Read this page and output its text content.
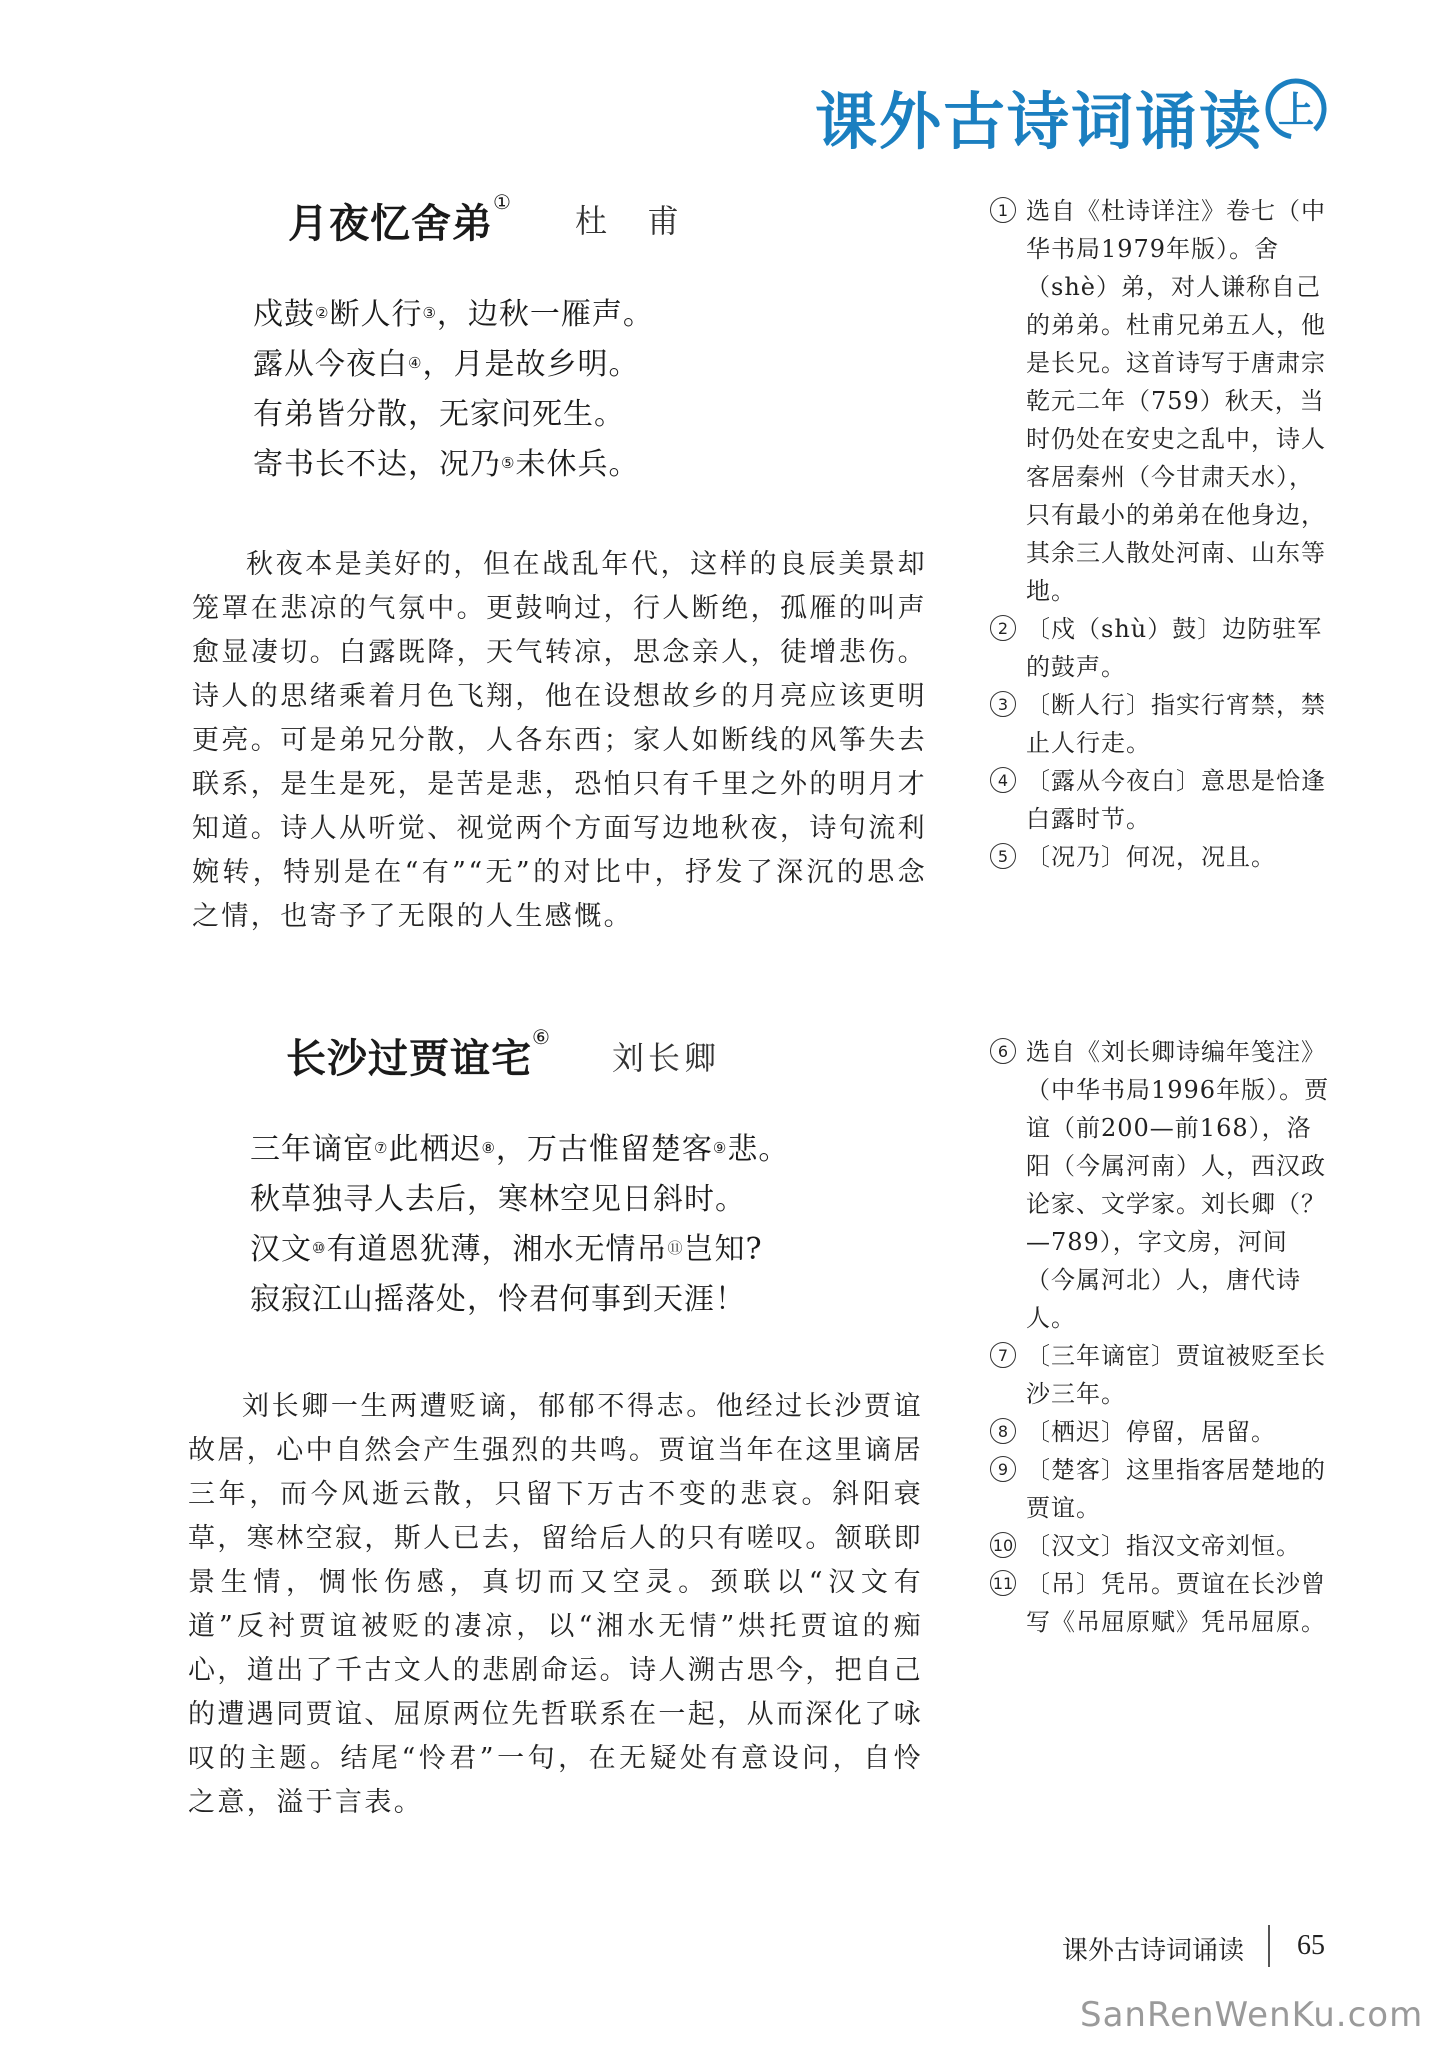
课外古诗词诵读 上
月夜忆舍弟① 杜　甫
戍鼓②断人行③，边秋一雁声。
露从今夜白④，月是故乡明。
有弟皆分散，无家问死生。
寄书长不达，况乃⑤未休兵。
秋夜本是美好的，但在战乱年代，这样的良辰美景却笼罩在悲凉的气氛中。更鼓响过，行人断绝，孤雁的叫声愈显凄切。白露既降，天气转凉，思念亲人，徒增悲伤。诗人的思绪乘着月色飞翔，他在设想故乡的月亮应该更明更亮。可是弟兄分散，人各东西；家人如断线的风筝失去联系，是生是死，是苦是悲，恐怕只有千里之外的明月才知道。诗人从听觉、视觉两个方面写边地秋夜，诗句流利婉转，特别是在“有”“无”的对比中，抒发了深沉的思念之情，也寄予了无限的人生感慨。
1 选自《杜诗详注》卷七（中华书局1979年版）。舍（shè）弟，对人谦称自己的弟弟。杜甫兄弟五人，他是长兄。这首诗写于唐肃宗乾元二年（759）秋天，当时仍处在安史之乱中，诗人客居秦州（今甘肃天水），只有最小的弟弟在他身边，其余三人散处河南、山东等地。
2 〔戍（shù）鼓〕边防驻军的鼓声。
3 〔断人行〕指实行宵禁，禁止人行走。
4 〔露从今夜白〕意思是恰逢白露时节。
5 〔况乃〕何况，况且。
长沙过贾谊宅⑥
刘长卿
三年谪宦⑦此栖迟⑧，万古惟留楚客⑨悲。
秋草独寻人去后，寒林空见日斜时。
汉文⑩有道恩犹薄，湘水无情吊⑪岂知?
寂寂江山摇落处，怜君何事到天涯！
刘长卿一生两遭贬谪，郁郁不得志。他经过长沙贾谊故居，心中自然会产生强烈的共鸣。贾谊当年在这里谪居三年，而今风逝云散，只留下万古不变的悲哀。斜阳衰草，寒林空寂，斯人已去，留给后人的只有嗟叹。颔联即景生情，惆怅伤感，真切而又空灵。颈联以“汉文有道”反衬贾谊被贬的凄凉，以“湘水无情”烘托贾谊的痴心，道出了千古文人的悲剧命运。诗人溯古思今，把自己的遭遇同贾谊、屈原两位先哲联系在一起，从而深化了咏叹的主题。结尾“怜君”一句，在无疑处有意设问，自怜之意，溢于言表。
6 选自《刘长卿诗编年笺注》（中华书局1996年版）。贾谊（前200—前168），洛阳（今属河南）人，西汉政论家、文学家。刘长卿（？—789），字文房，河间（今属河北）人，唐代诗人。
7 〔三年谪宦〕贾谊被贬至长沙三年。
8 〔栖迟〕停留，居留。
9 〔楚客〕这里指客居楚地的贾谊。
10 〔汉文〕指汉文帝刘恒。
11 〔吊〕凭吊。贾谊在长沙曾写《吊屈原赋》凭吊屈原。
课外古诗词诵读 65
SanRenWenKu.com
